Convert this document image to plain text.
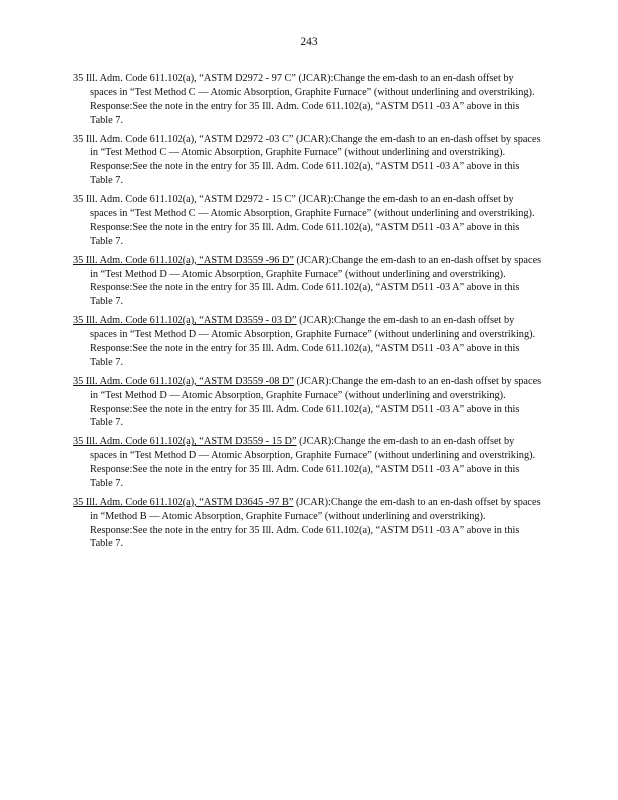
243

35 Ill. Adm. Code 611.102(a), “ASTM D2972 - 97 C” (JCAR):Change the em-dash to an en-dash offset by spaces in “Test Method C — Atomic Absorption, Graphite Furnace” (without underlining and overstriking).

Response:See the note in the entry for 35 Ill. Adm. Code 611.102(a), “ASTM D511 -03 A” above in this Table 7.

35 Ill. Adm. Code 611.102(a), “ASTM D2972 -03 C” (JCAR):Change the em-dash to an en-dash offset by spaces in “Test Method C — Atomic Absorption, Graphite Furnace” (without underlining and overstriking).

Response:See the note in the entry for 35 Ill. Adm. Code 611.102(a), “ASTM D511 -03 A” above in this Table 7.

35 Ill. Adm. Code 611.102(a), “ASTM D2972 - 15 C” (JCAR):Change the em-dash to an en-dash offset by spaces in “Test Method C — Atomic Absorption, Graphite Furnace” (without underlining and overstriking).

Response:See the note in the entry for 35 Ill. Adm. Code 611.102(a), “ASTM D511 -03 A” above in this Table 7.

35 Ill. Adm. Code 611.102(a), “ASTM D3559 -96 D” (JCAR):Change the em-dash to an en-dash offset by spaces in “Test Method D — Atomic Absorption, Graphite Furnace” (without underlining and overstriking).

Response:See the note in the entry for 35 Ill. Adm. Code 611.102(a), “ASTM D511 -03 A” above in this Table 7.

35 Ill. Adm. Code 611.102(a), “ASTM D3559 - 03 D” (JCAR):Change the em-dash to an en-dash offset by spaces in “Test Method D — Atomic Absorption, Graphite Furnace” (without underlining and overstriking).

Response:See the note in the entry for 35 Ill. Adm. Code 611.102(a), “ASTM D511 -03 A” above in this Table 7.

35 Ill. Adm. Code 611.102(a), “ASTM D3559 -08 D” (JCAR):Change the em-dash to an en-dash offset by spaces in “Test Method D — Atomic Absorption, Graphite Furnace” (without underlining and overstriking).

Response:See the note in the entry for 35 Ill. Adm. Code 611.102(a), “ASTM D511 -03 A” above in this Table 7.

35 Ill. Adm. Code 611.102(a), “ASTM D3559 - 15 D” (JCAR):Change the em-dash to an en-dash offset by spaces in “Test Method D — Atomic Absorption, Graphite Furnace” (without underlining and overstriking).

Response:See the note in the entry for 35 Ill. Adm. Code 611.102(a), “ASTM D511 -03 A” above in this Table 7.

35 Ill. Adm. Code 611.102(a), “ASTM D3645 -97 B” (JCAR):Change the em-dash to an en-dash offset by spaces in “Method B — Atomic Absorption, Graphite Furnace” (without underlining and overstriking).

Response:See the note in the entry for 35 Ill. Adm. Code 611.102(a), “ASTM D511 -03 A” above in this Table 7.
